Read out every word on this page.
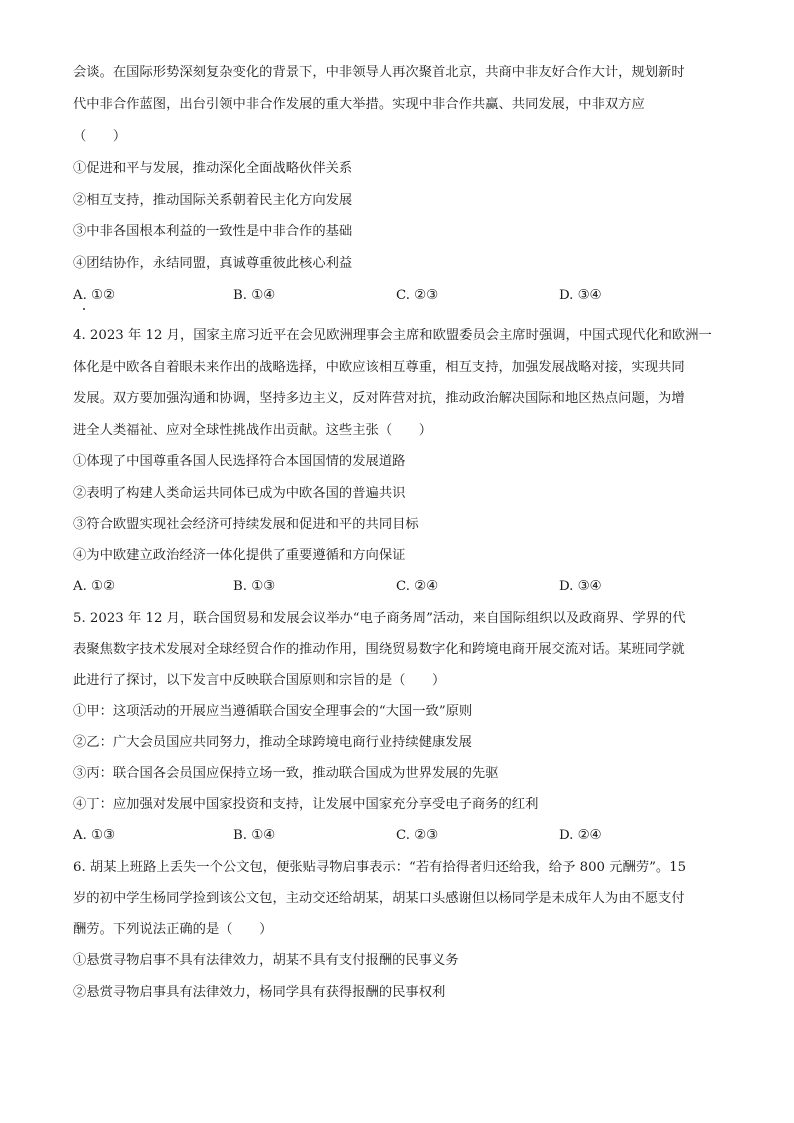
会谈。在国际形势深刻复杂变化的背景下，中非领导人再次聚首北京，共商中非友好合作大计，规划新时
代中非合作蓝图，出台引领中非合作发展的重大举措。实现中非合作共赢、共同发展，中非双方应
（　　）
①促进和平与发展，推动深化全面战略伙伴关系
②相互支持，推动国际关系朝着民主化方向发展
③中非各国根本利益的一致性是中非合作的基础
④团结协作，永结同盟，真诚尊重彼此核心利益
A. ①②	B. ①④	C. ②③	D. ③④
4. 2023 年 12 月，国家主席习近平在会见欧洲理事会主席和欧盟委员会主席时强调，中国式现代化和欧洲一
体化是中欧各自着眼未来作出的战略选择，中欧应该相互尊重，相互支持，加强发展战略对接，实现共同
发展。双方要加强沟通和协调，坚持多边主义，反对阵营对抗，推动政治解决国际和地区热点问题，为增
进全人类福祉、应对全球性挑战作出贡献。这些主张（　　）
①体现了中国尊重各国人民选择符合本国国情的发展道路
②表明了构建人类命运共同体已成为中欧各国的普遍共识
③符合欧盟实现社会经济可持续发展和促进和平的共同目标
④为中欧建立政治经济一体化提供了重要遵循和方向保证
A. ①②	B. ①③	C. ②④	D. ③④
5. 2023 年 12 月，联合国贸易和发展会议举办“电子商务周”活动，来自国际组织以及政商界、学界的代
表聚焦数字技术发展对全球经贸合作的推动作用，围绕贸易数字化和跨境电商开展交流对话。某班同学就
此进行了探讨，以下发言中反映联合国原则和宗旨的是（　　）
①甲：这项活动的开展应当遵循联合国安全理事会的“大国一致”原则
②乙：广大会员国应共同努力，推动全球跨境电商行业持续健康发展
③丙：联合国各会员国应保持立场一致，推动联合国成为世界发展的先驱
④丁：应加强对发展中国家投资和支持，让发展中国家充分享受电子商务的红利
A. ①③	B. ①④	C. ②③	D. ②④
6. 胡某上班路上丢失一个公文包，便张贴寻物启事表示：“若有拾得者归还给我，给予 800 元酬劳”。15
岁的初中学生杨同学捡到该公文包，主动交还给胡某，胡某口头感谢但以杨同学是未成年人为由不愿支付
酬劳。下列说法正确的是（　　）
①悬赏寻物启事不具有法律效力，胡某不具有支付报酬的民事义务
②悬赏寻物启事具有法律效力，杨同学具有获得报酬的民事权利
